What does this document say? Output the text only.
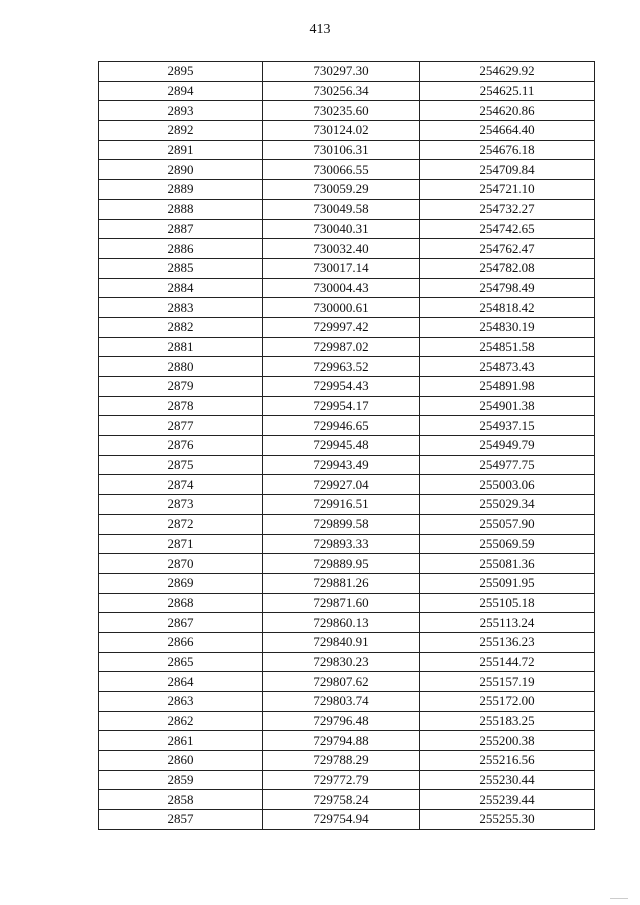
413
2895	730297.30	254629.92
2894	730256.34	254625.11
2893	730235.60	254620.86
2892	730124.02	254664.40
2891	730106.31	254676.18
2890	730066.55	254709.84
2889	730059.29	254721.10
2888	730049.58	254732.27
2887	730040.31	254742.65
2886	730032.40	254762.47
2885	730017.14	254782.08
2884	730004.43	254798.49
2883	730000.61	254818.42
2882	729997.42	254830.19
2881	729987.02	254851.58
2880	729963.52	254873.43
2879	729954.43	254891.98
2878	729954.17	254901.38
2877	729946.65	254937.15
2876	729945.48	254949.79
2875	729943.49	254977.75
2874	729927.04	255003.06
2873	729916.51	255029.34
2872	729899.58	255057.90
2871	729893.33	255069.59
2870	729889.95	255081.36
2869	729881.26	255091.95
2868	729871.60	255105.18
2867	729860.13	255113.24
2866	729840.91	255136.23
2865	729830.23	255144.72
2864	729807.62	255157.19
2863	729803.74	255172.00
2862	729796.48	255183.25
2861	729794.88	255200.38
2860	729788.29	255216.56
2859	729772.79	255230.44
2858	729758.24	255239.44
2857	729754.94	255255.30
